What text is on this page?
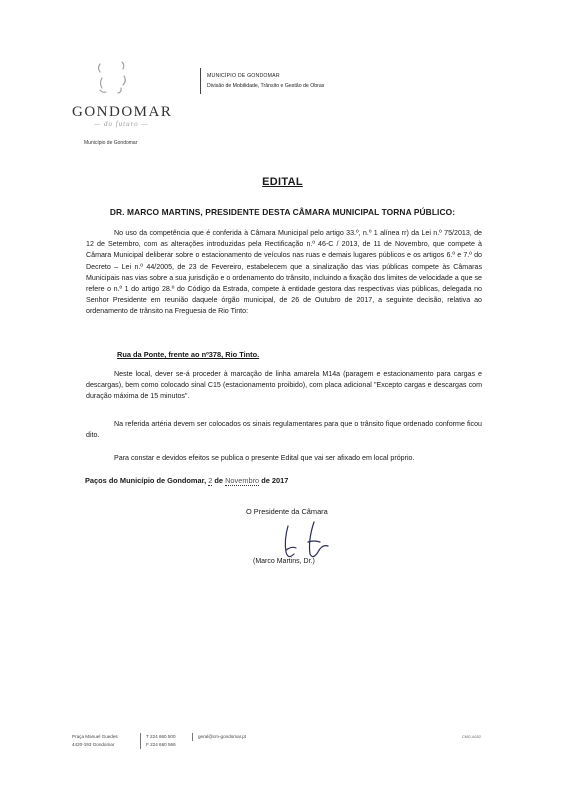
GONDOMAR
— do futuro —
Município de Gondomar
MUNICÍPIO DE GONDOMAR
Divisão de Mobilidade, Trânsito e Gestão de Obras
EDITAL
DR. MARCO MARTINS, PRESIDENTE DESTA CÂMARA MUNICIPAL TORNA PÚBLICO:

No uso da competência que é conferida à Câmara Municipal pelo artigo 33.º, n.º 1 alínea rr) da Lei n.º 75/2013, de 12 de Setembro, com as alterações introduzidas pela Rectificação n.º 46-C / 2013, de 11 de Novembro, que compete à Câmara Municipal deliberar sobre o estacionamento de veículos nas ruas e demais lugares públicos e os artigos 6.º e 7.º do Decreto – Lei n.º 44/2005, de 23 de Fevereiro, estabelecem que a sinalização das vias públicas compete às Câmaras Municipais nas vias sobre a sua jurisdição e o ordenamento do trânsito, incluindo a fixação dos limites de velocidade a que se refere o n.º 1 do artigo 28.º do Código da Estrada, compete à entidade gestora das respectivas vias públicas, delegada no Senhor Presidente em reunião daquele órgão municipal, de 26 de Outubro de 2017, a seguinte decisão, relativa ao ordenamento de trânsito na Freguesia de Rio Tinto:

Rua da Ponte, frente ao nº378, Rio Tinto.

Neste local, dever se-á proceder à marcação de linha amarela M14a (paragem e estacionamento para cargas e descargas), bem como colocado sinal C15 (estacionamento proibido), com placa adicional "Excepto cargas e descargas com duração máxima de 15 minutos".

Na referida artéria devem ser colocados os sinais regulamentares para que o trânsito fique ordenado conforme ficou dito.

Para constar e devidos efeitos se publica o presente Edital que vai ser afixado em local próprio.

Paços do Município de Gondomar, 2 de Novembro de 2017
O Presidente da Câmara
(Marco Martins, Dr.)
Praça Manuel Guedes
4420-193 Gondomar
T 224 660 500
F 224 660 566
geral@cm-gondomar.pt	CMG-A002
